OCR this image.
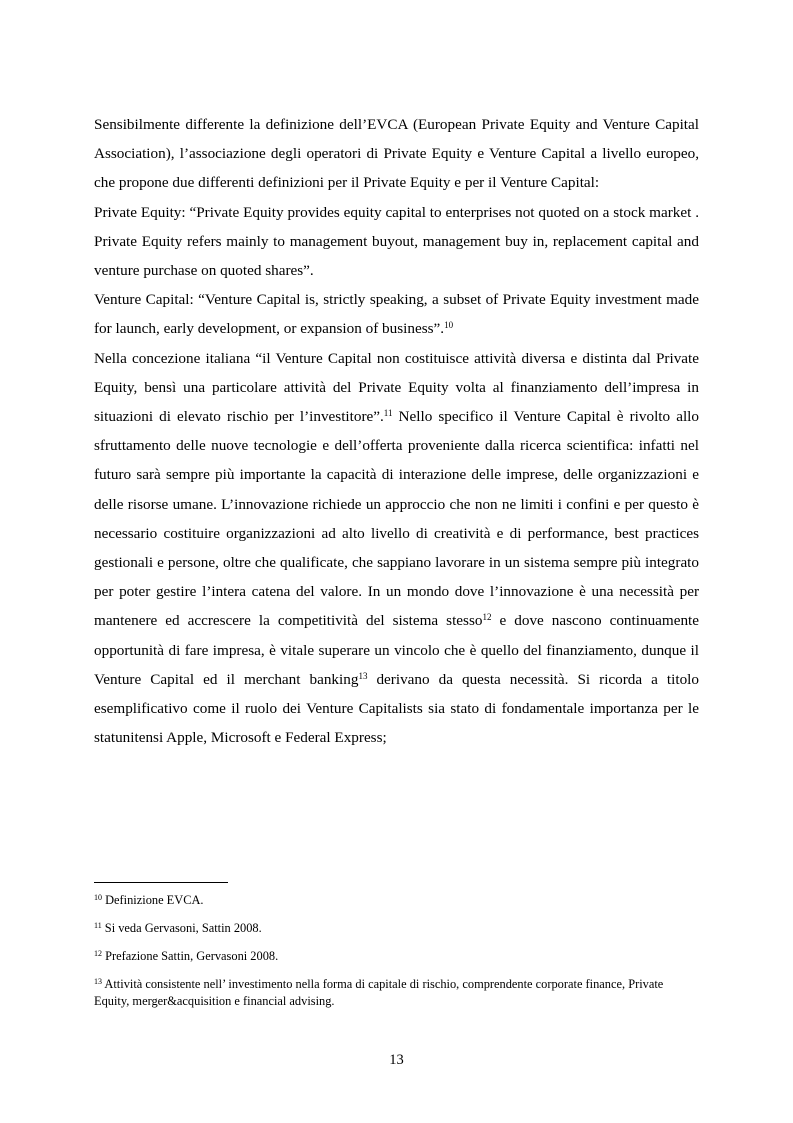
Sensibilmente differente la definizione dell’EVCA (European Private Equity and Venture Capital Association), l’associazione degli operatori di Private Equity e Venture Capital a livello europeo, che propone due differenti definizioni per il Private Equity e per il Venture Capital:

Private Equity: “Private Equity provides equity capital to enterprises not quoted on a stock market . Private Equity refers mainly to management buyout, management buy in, replacement capital and venture purchase on quoted shares”.

Venture Capital: “Venture Capital is, strictly speaking, a subset of Private Equity investment made for launch, early development, or expansion of business”.$^{10}$

Nella concezione italiana “il Venture Capital non costituisce attività diversa e distinta dal Private Equity, bensì una particolare attività del Private Equity volta al finanziamento dell’impresa in situazioni di elevato rischio per l’investitore”.$^{11}$ Nello specifico il Venture Capital è rivolto allo sfruttamento delle nuove tecnologie e dell’offerta proveniente dalla ricerca scientifica: infatti nel futuro sarà sempre più importante la capacità di interazione delle imprese, delle organizzazioni e delle risorse umane. L’innovazione richiede un approccio che non ne limiti i confini e per questo è necessario costituire organizzazioni ad alto livello di creatività e di performance, best practices gestionali e persone, oltre che qualificate, che sappiano lavorare in un sistema sempre più integrato per poter gestire l’intera catena del valore. In un mondo dove l’innovazione è una necessità per mantenere ed accrescere la competitività del sistema stesso$^{12}$ e dove nascono continuamente opportunità di fare impresa, è vitale superare un vincolo che è quello del finanziamento, dunque il Venture Capital ed il merchant banking$^{13}$ derivano da questa necessità. Si ricorda a titolo esemplificativo come il ruolo dei Venture Capitalists sia stato di fondamentale importanza per le statunitensi Apple, Microsoft e Federal Express;

$^{10}$ Definizione EVCA.
$^{11}$ Si veda Gervasoni, Sattin 2008.
$^{12}$ Prefazione Sattin, Gervasoni 2008.
$^{13}$ Attività consistente nell’ investimento nella forma di capitale di rischio, comprendente corporate finance, Private Equity, merger&acquisition e financial advising.
13
